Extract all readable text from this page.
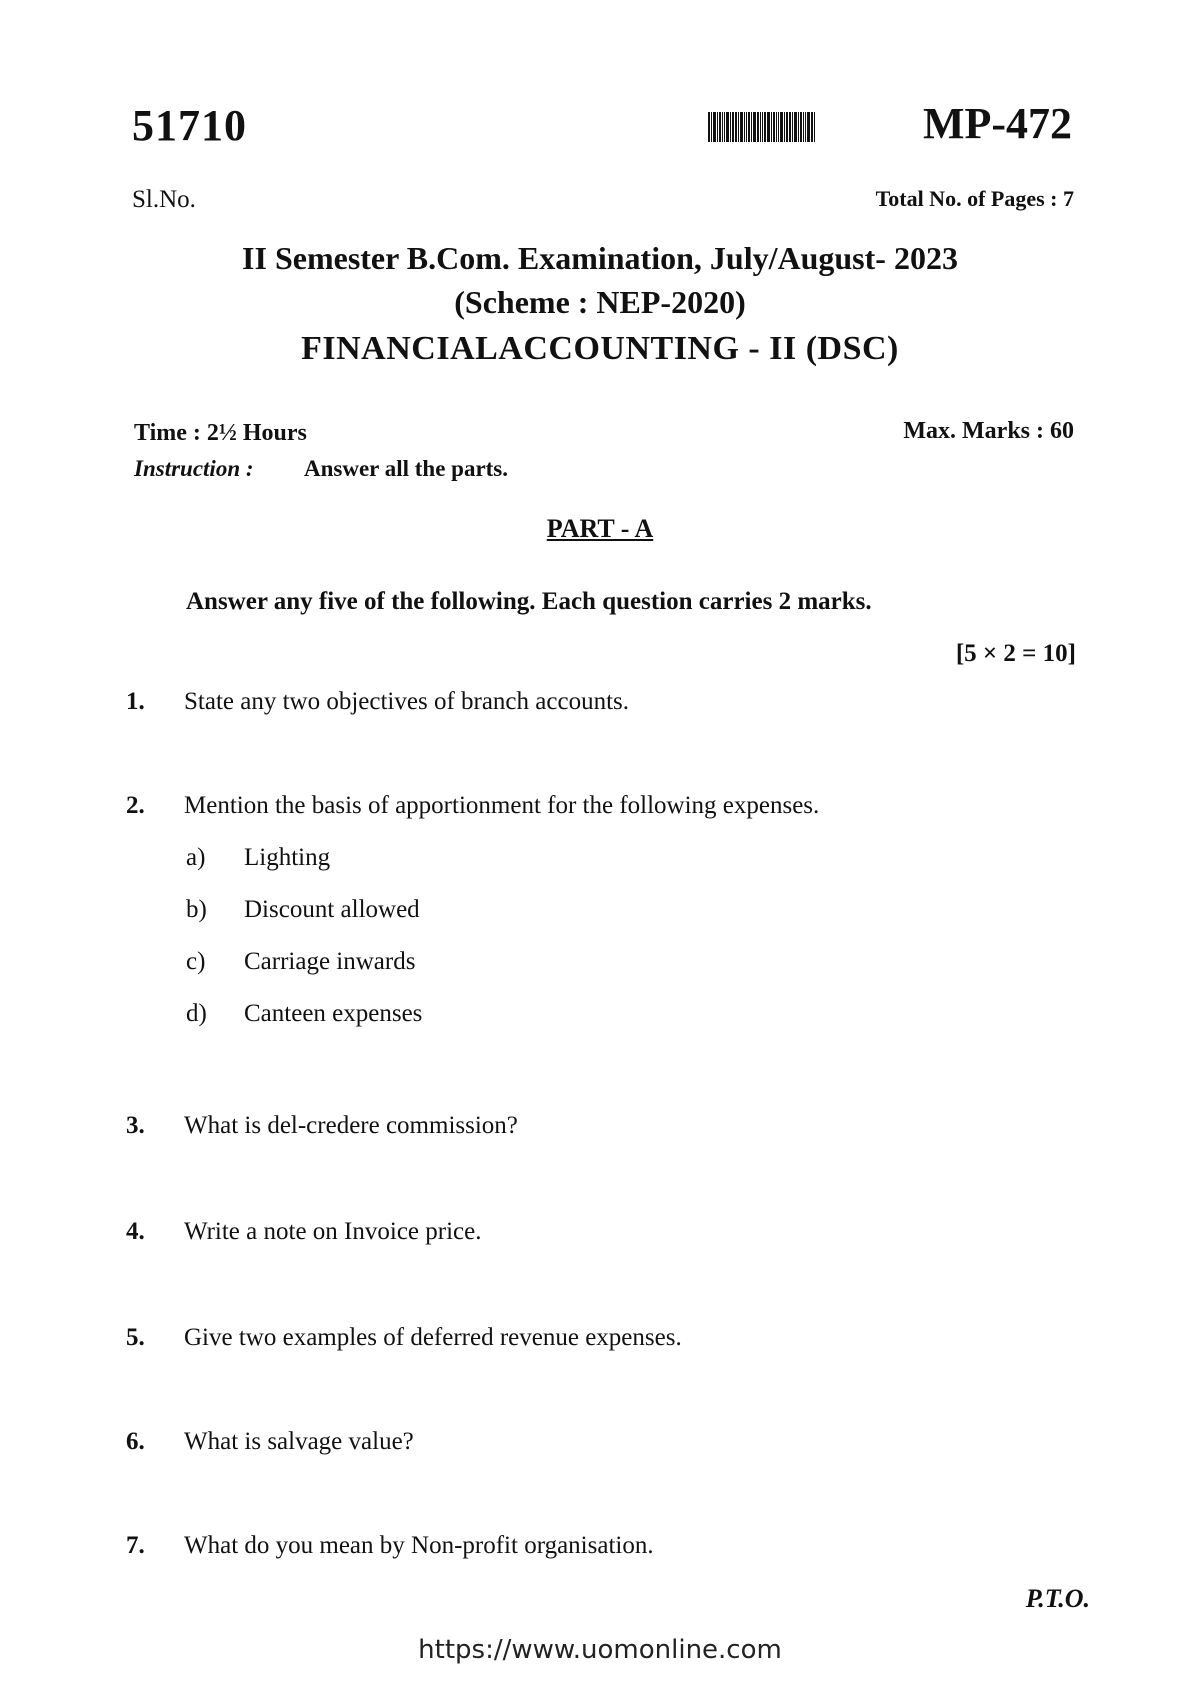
51710	MP-472
Sl.No.	Total No. of Pages : 7
II Semester B.Com. Examination, July/August- 2023
(Scheme : NEP-2020)
FINANCIALACCOUNTING - II (DSC)
Time : 2½ Hours	Max. Marks : 60
Instruction : Answer all the parts.
PART - A
Answer any five of the following. Each question carries 2 marks.
[5 × 2 = 10]
1.	State any two objectives of branch accounts.
2.	Mention the basis of apportionment for the following expenses.
a)	Lighting
b)	Discount allowed
c)	Carriage inwards
d)	Canteen expenses
3.	What is del-credere commission?
4.	Write a note on Invoice price.
5.	Give two examples of deferred revenue expenses.
6.	What is salvage value?
7.	What do you mean by Non-profit organisation.
P.T.O.
https://www.uomonline.com
